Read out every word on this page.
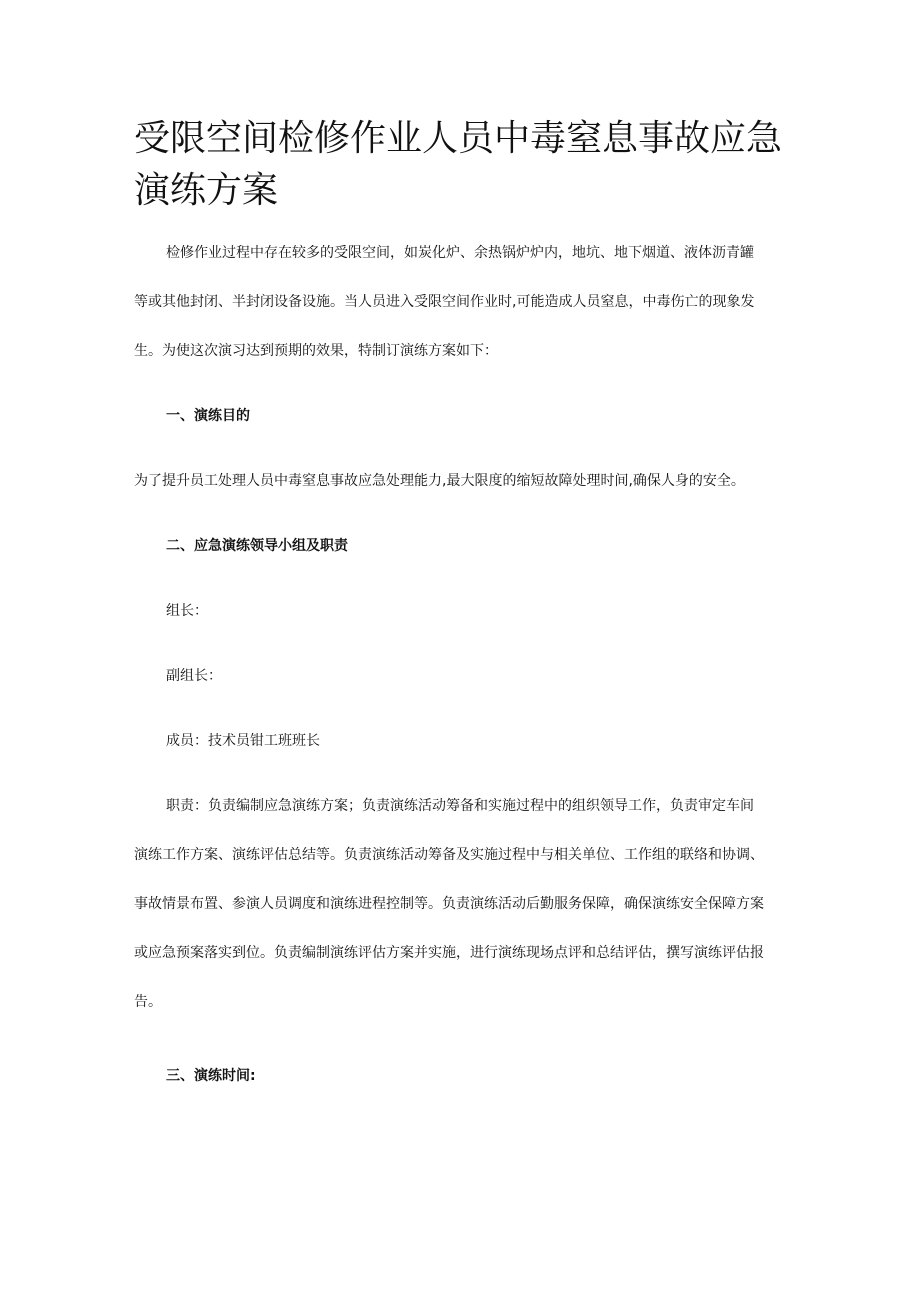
受限空间检修作业人员中毒窒息事故应急演练方案

检修作业过程中存在较多的受限空间，如炭化炉、余热锅炉炉内，地坑、地下烟道、液体沥青罐

等或其他封闭、半封闭设备设施。当人员进入受限空间作业时,可能造成人员窒息，中毒伤亡的现象发

生。为使这次演习达到预期的效果，特制订演练方案如下：

一、演练目的

为了提升员工处理人员中毒窒息事故应急处理能力,最大限度的缩短故障处理时间,确保人身的安全。

二、应急演练领导小组及职责

组长：

副组长：

成员：技术员钳工班班长

职责：负责编制应急演练方案；负责演练活动筹备和实施过程中的组织领导工作，负责审定车间

演练工作方案、演练评估总结等。负责演练活动筹备及实施过程中与相关单位、工作组的联络和协调、

事故情景布置、参演人员调度和演练进程控制等。负责演练活动后勤服务保障，确保演练安全保障方案

或应急预案落实到位。负责编制演练评估方案并实施，进行演练现场点评和总结评估，撰写演练评估报

告。

三、演练时间:
